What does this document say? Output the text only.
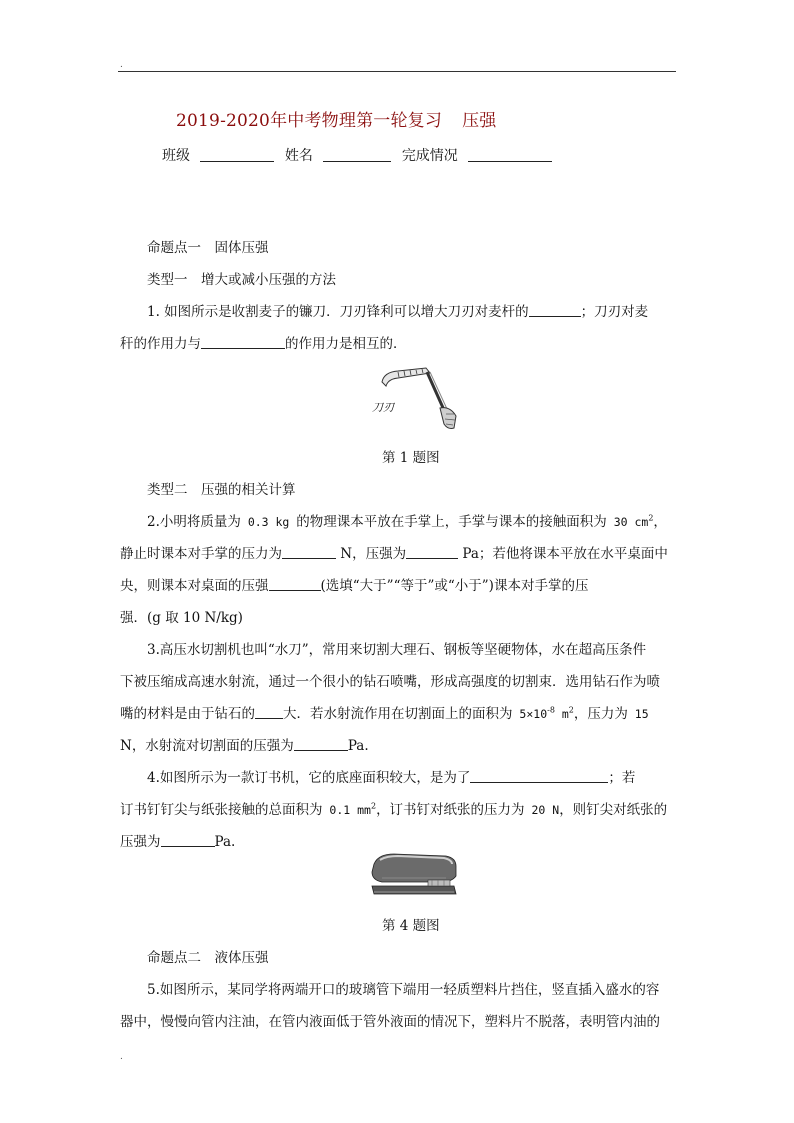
.
2019-2020年中考物理第一轮复习 压强
班级	姓名	完成情况
命题点一　固体压强
类型一　增大或减小压强的方法
1. 如图所示是收割麦子的镰刀．刀刃锋利可以增大刀刃对麦杆的	；刀刃对麦
秆的作用力与	的作用力是相互的．
刀刃
第 1 题图
类型二　压强的相关计算
2.小明将质量为 0.3 kg 的物理课本平放在手掌上，手掌与课本的接触面积为 30 $cm^2$，
静止时课本对手掌的压力为	N，压强为	Pa；若他将课本平放在水平桌面中
央，则课本对桌面的压强	(选填“大于”“等于”或“小于”)课本对手掌的压
强．(g 取 10 N/kg)
3.高压水切割机也叫“水刀”，常用来切割大理石、钢板等坚硬物体，水在超高压条件
下被压缩成高速水射流，通过一个很小的钻石喷嘴，形成高强度的切割束．选用钻石作为喷
嘴的材料是由于钻石的 大．若水射流作用在切割面上的面积为 $5\times 10^{-8}$ $m^2$，压力为 15
N，水射流对切割面的压强为	Pa.
4.如图所示为一款订书机，它的底座面积较大，是为了	；若
订书钉钉尖与纸张接触的总面积为 0.1 $mm^2$，订书钉对纸张的压力为 20 N，则钉尖对纸张的
压强为	Pa.
第 4 题图
命题点二　液体压强
5.如图所示，某同学将两端开口的玻璃管下端用一轻质塑料片挡住，竖直插入盛水的容
器中，慢慢向管内注油，在管内液面低于管外液面的情况下，塑料片不脱落，表明管内油的
.
